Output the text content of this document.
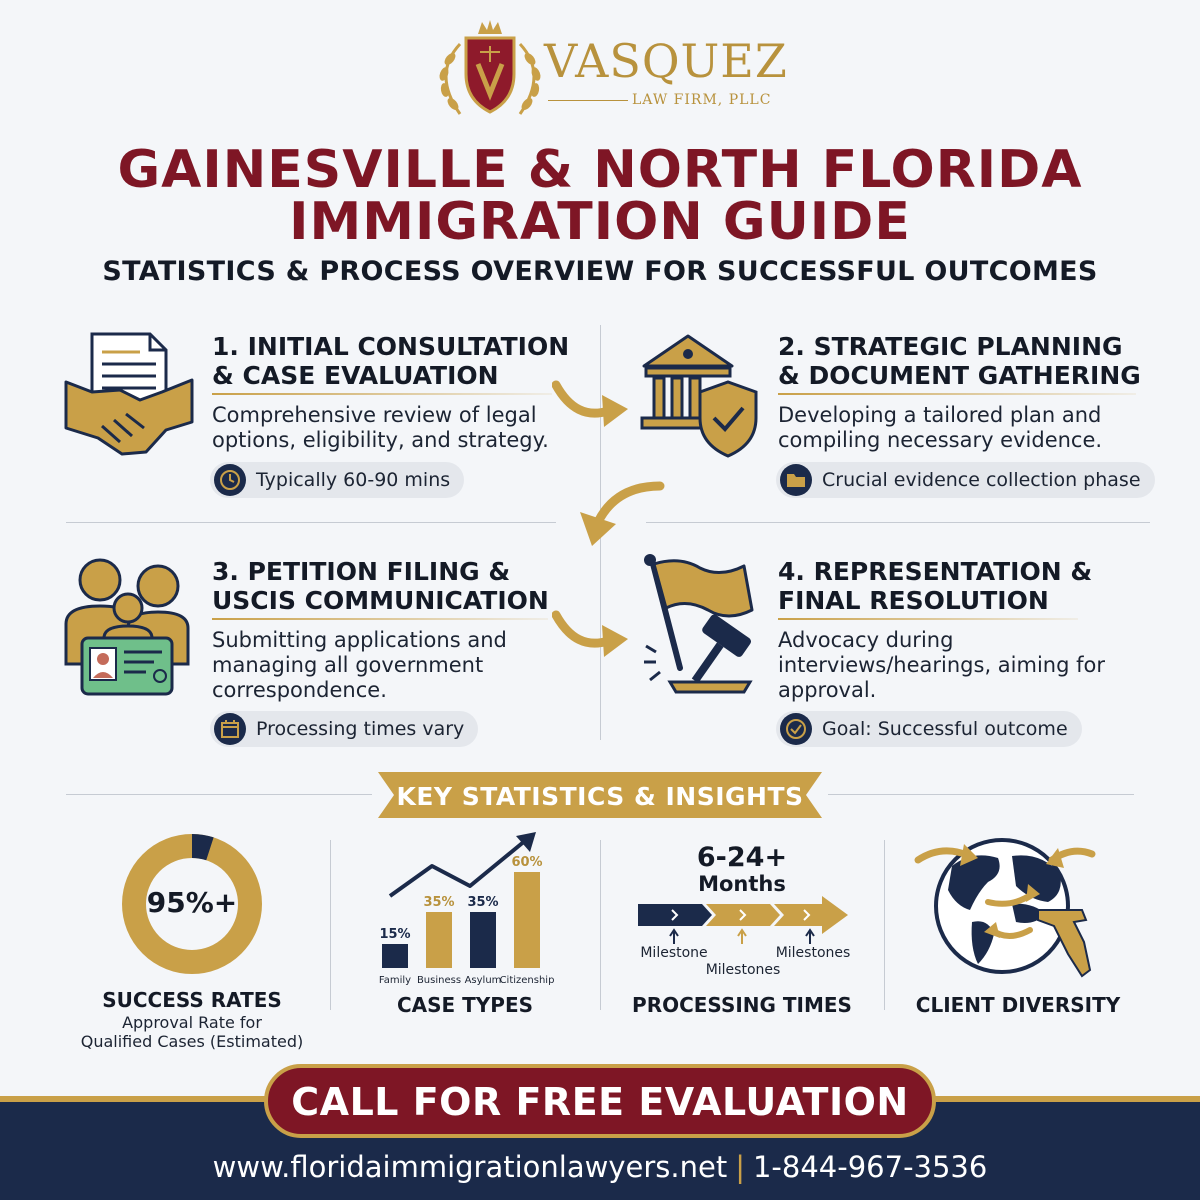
VASQUEZ
LAW FIRM, PLLC
GAINESVILLE & NORTH FLORIDA
IMMIGRATION GUIDE
STATISTICS & PROCESS OVERVIEW FOR SUCCESSFUL OUTCOMES
1. INITIAL CONSULTATION
& CASE EVALUATION
Comprehensive review of legal
options, eligibility, and strategy.
Typically 60-90 mins
2. STRATEGIC PLANNING
& DOCUMENT GATHERING
Developing a tailored plan and
compiling necessary evidence.
Crucial evidence collection phase
3. PETITION FILING &
USCIS COMMUNICATION
Submitting applications and
managing all government
correspondence.
Processing times vary
4. REPRESENTATION &
FINAL RESOLUTION
Advocacy during
interviews/hearings, aiming for
approval.
Goal: Successful outcome
KEY STATISTICS & INSIGHTS
95%+
SUCCESS RATES
Approval Rate for
Qualified Cases (Estimated)
15%
Family
35%
Business
35%
Asylum
60%
Citizenship
CASE TYPES
6-24+
Months
Milestone
Milestones
Milestones
PROCESSING TIMES	CLIENT DIVERSITY
CALL FOR FREE EVALUATION
www.floridaimmigrationlawyers.net | 1-844-967-3536
